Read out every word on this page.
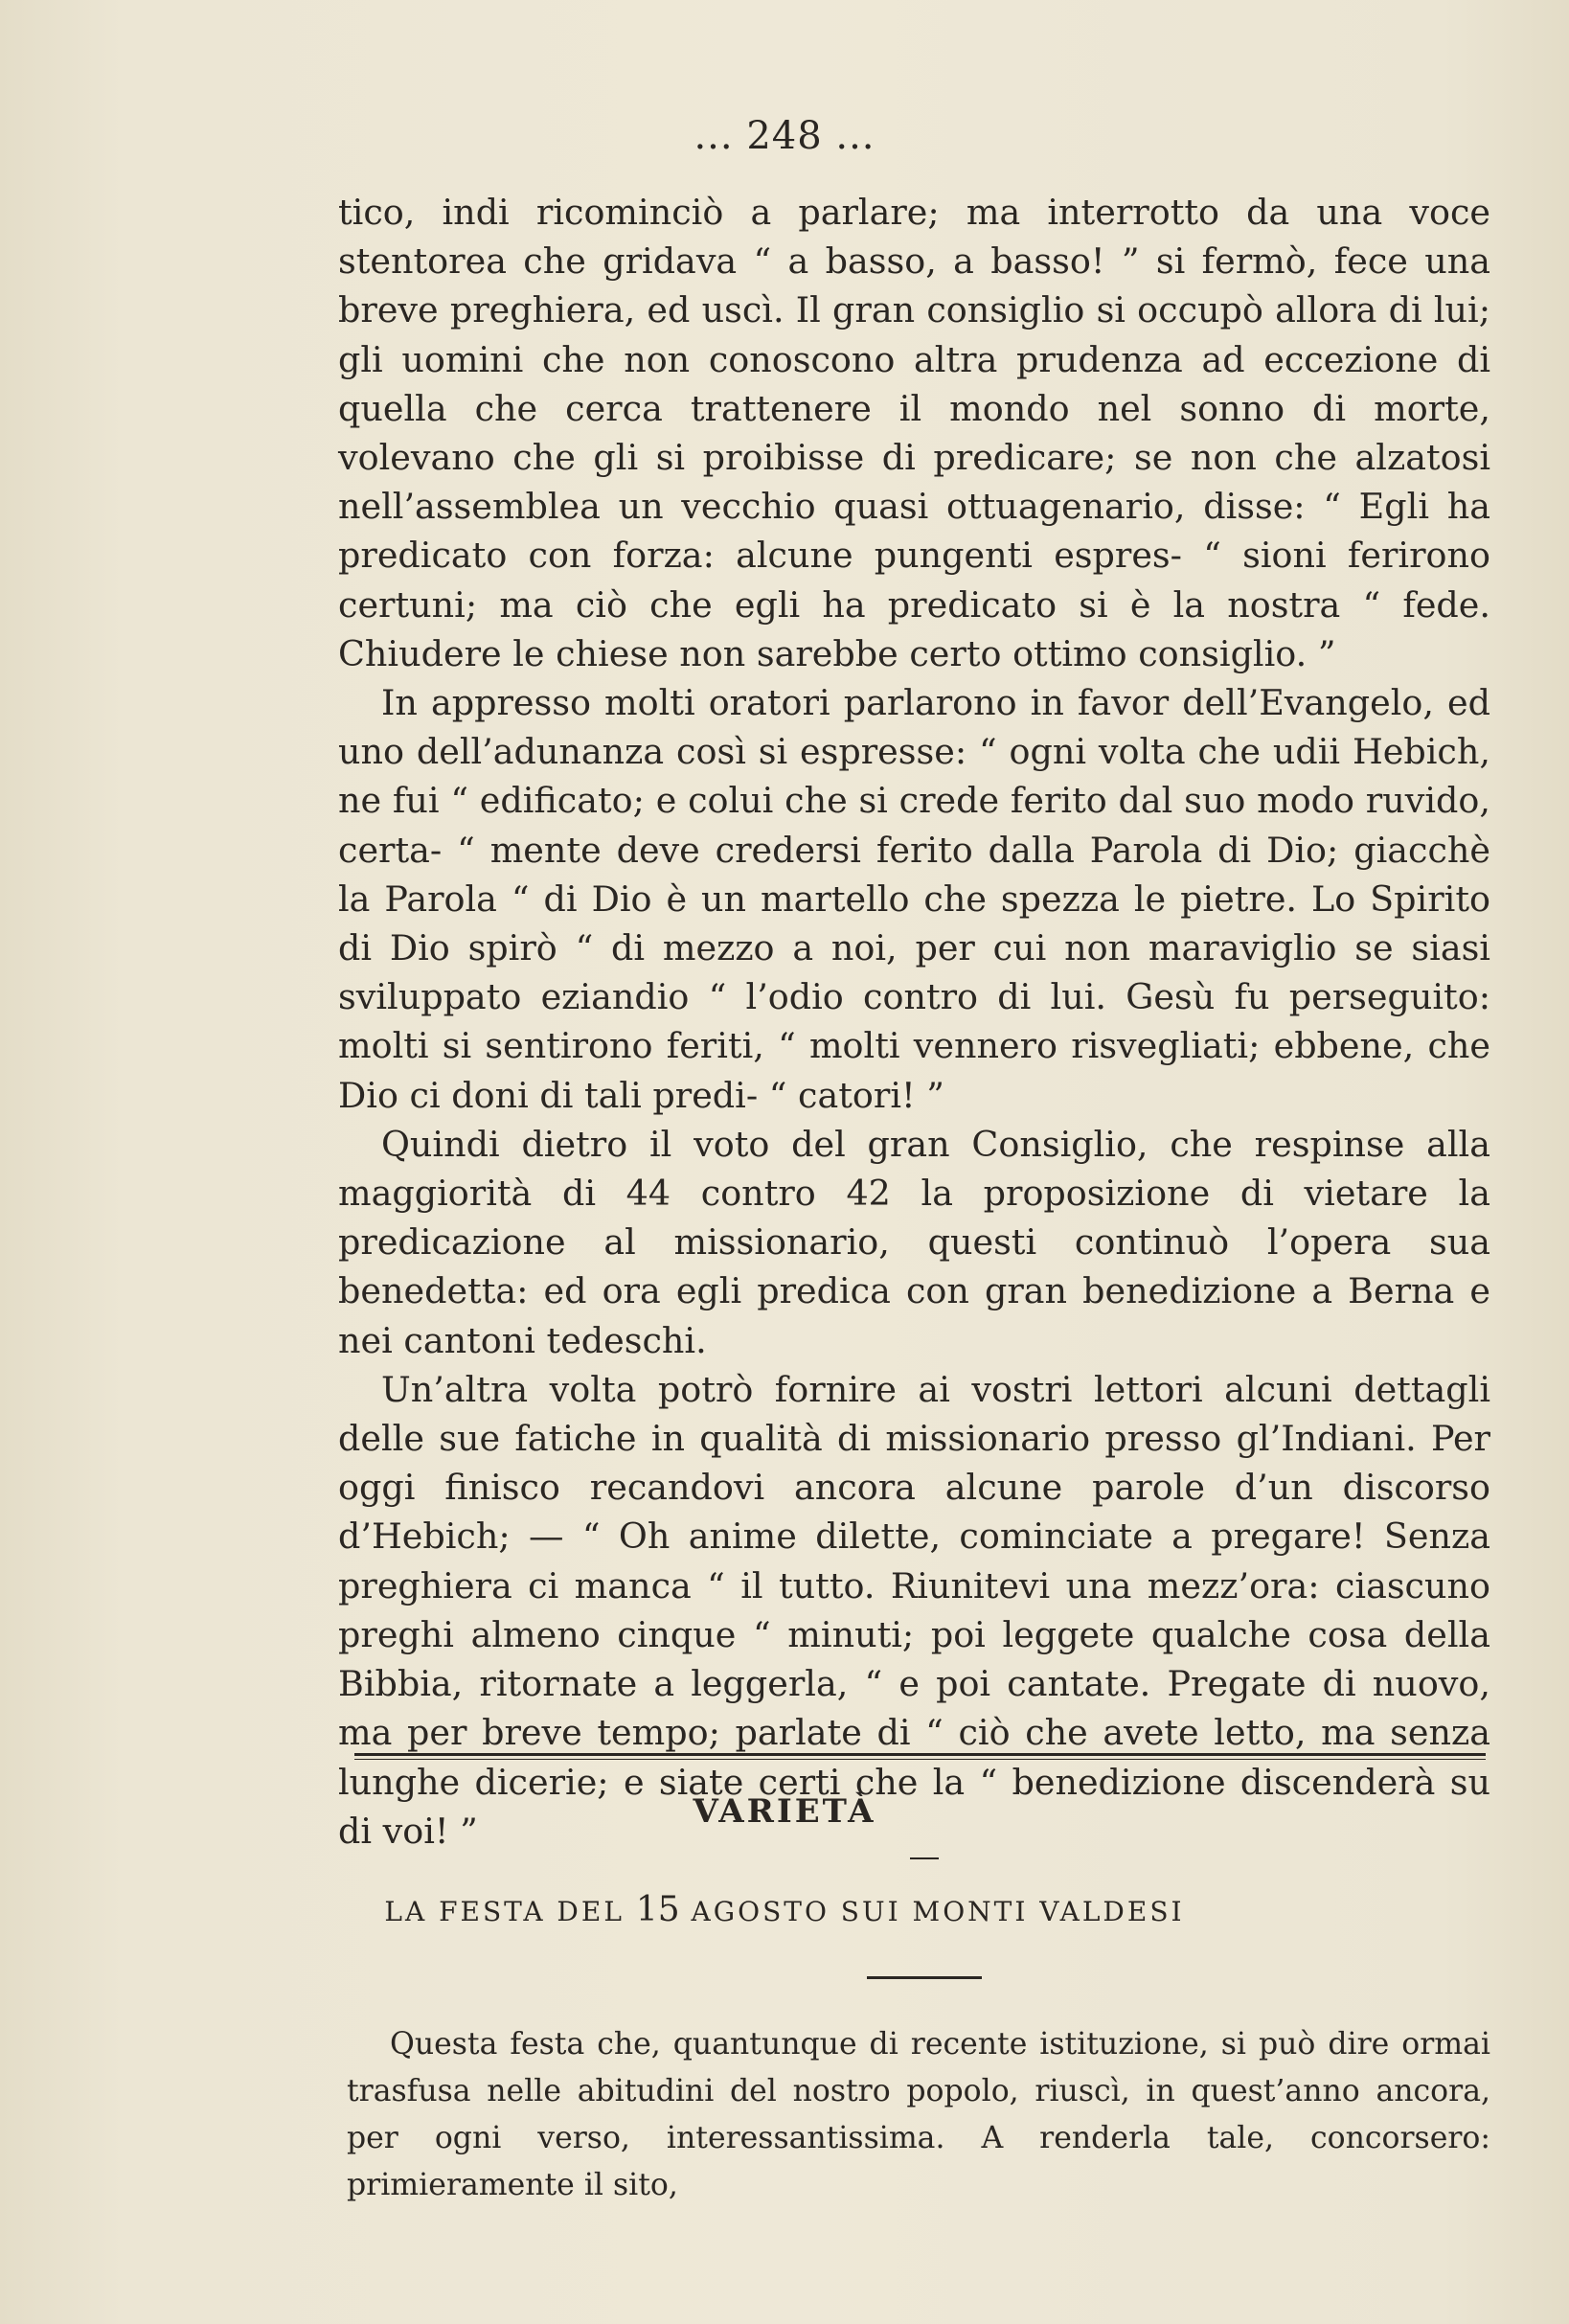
... 248 ...

tico, indi ricominciò a parlare; ma interrotto da una voce stentorea che gridava “ a basso, a basso! ” si fermò, fece una breve preghiera, ed uscì. Il gran consiglio si occupò allora di lui; gli uomini che non conoscono altra prudenza ad eccezione di quella che cerca trattenere il mondo nel sonno di morte, volevano che gli si proibisse di predicare; se non che alzatosi nell’assemblea un vecchio quasi ottuagenario, disse: “ Egli ha predicato con forza: alcune pungenti espres- “ sioni ferirono certuni; ma ciò che egli ha predicato si è la nostra “ fede. Chiudere le chiese non sarebbe certo ottimo consiglio. ”

In appresso molti oratori parlarono in favor dell’Evangelo, ed uno dell’adunanza così si espresse: “ ogni volta che udii Hebich, ne fui “ edificato; e colui che si crede ferito dal suo modo ruvido, certa- “ mente deve credersi ferito dalla Parola di Dio; giacchè la Parola “ di Dio è un martello che spezza le pietre. Lo Spirito di Dio spirò “ di mezzo a noi, per cui non maraviglio se siasi sviluppato eziandio “ l’odio contro di lui. Gesù fu perseguito: molti si sentirono feriti, “ molti vennero risvegliati; ebbene, che Dio ci doni di tali predi- “ catori! ”

Quindi dietro il voto del gran Consiglio, che respinse alla maggiorità di 44 contro 42 la proposizione di vietare la predicazione al missionario, questi continuò l’opera sua benedetta: ed ora egli predica con gran benedizione a Berna e nei cantoni tedeschi.

Un’altra volta potrò fornire ai vostri lettori alcuni dettagli delle sue fatiche in qualità di missionario presso gl’Indiani. Per oggi finisco recandovi ancora alcune parole d’un discorso d’Hebich; — “ Oh anime dilette, cominciate a pregare! Senza preghiera ci manca “ il tutto. Riunitevi una mezz’ora: ciascuno preghi almeno cinque “ minuti; poi leggete qualche cosa della Bibbia, ritornate a leggerla, “ e poi cantate. Pregate di nuovo, ma per breve tempo; parlate di “ ciò che avete letto, ma senza lunghe dicerie; e siate certi che la “ benedizione discenderà su di voi! ”	VARIETÀ
LA FESTA DEL 15 AGOSTO SUI MONTI VALDESI

Questa festa che, quantunque di recente istituzione, si può dire ormai trasfusa nelle abitudini del nostro popolo, riuscì, in quest’anno ancora, per ogni verso, interessantissima. A renderla tale, concorsero: primieramente il sito,
